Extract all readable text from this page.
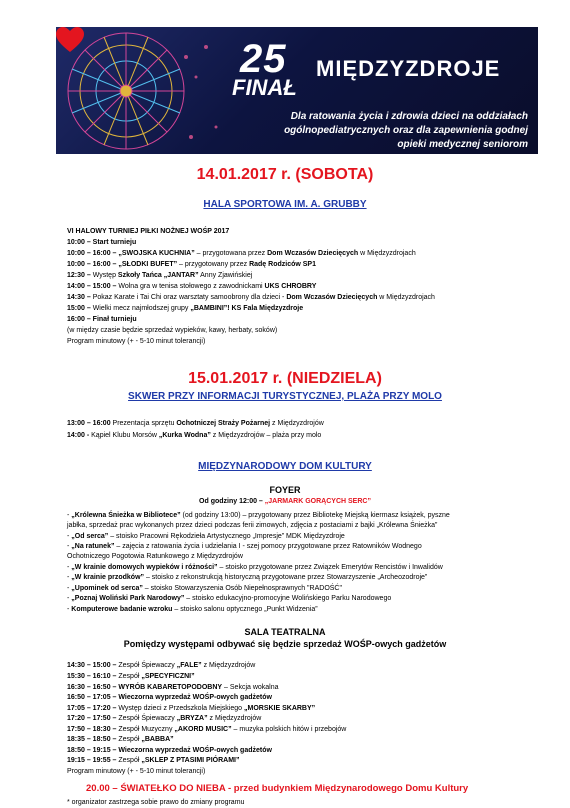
25
FINAŁ
MIĘDZYZDROJE
Dla ratowania życia i zdrowia dzieci na oddziałach
ogólnopediatrycznych oraz dla zapewnienia godnej
opieki medycznej seniorom
14.01.2017 r. (SOBOTA)
HALA SPORTOWA IM. A. GRUBBY
VI HALOWY TURNIEJ PIŁKI NOŻNEJ WOŚP 2017
10:00 – Start turnieju
10:00 – 16:00 – „SWOJSKA KUCHNIA” – przygotowana przez Dom Wczasów Dziecięcych w Międzyzdrojach
10:00 – 16:00 – „SŁODKI BUFET” – przygotowany przez Radę Rodziców SP1
12:30 – Występ Szkoły Tańca „JANTAR” Anny Zjawińskiej
14:00 – 15:00 – Wolna gra w tenisa stołowego z zawodnickami UKS CHROBRY
14:30 – Pokaz Karate i Tai Chi oraz warsztaty samoobrony dla dzieci - Dom Wczasów Dziecięcych w Międzyzdrojach
15:00 – Wielki mecz najmłodszej grupy „BAMBINI”! KS Fala Międzyzdroje
16:00 – Finał turnieju
(w między czasie będzie sprzedaż wypieków, kawy, herbaty, soków)
Program minutowy (+ - 5-10 minut tolerancji)
15.01.2017 r. (NIEDZIELA)
SKWER PRZY INFORMACJI TURYSTYCZNEJ, PLAŻA PRZY MOLO
13:00 – 16:00 Prezentacja sprzętu Ochotniczej Straży Pożarnej z Międzyzdrojów
14:00 - Kąpiel Klubu Morsów „Kurka Wodna” z Międzyzdrojów – plaża przy molo
MIĘDZYNARODOWY DOM KULTURY
FOYER
Od godziny 12:00 – „JARMARK GORĄCYCH SERC”
- „Królewna Śnieżka w Bibliotece” (od godziny 13:00) – przygotowany przez Bibliotekę Miejską kiermasz książek, pyszne
jabłka, sprzedaż prac wykonanych przez dzieci podczas ferii zimowych, zdjęcia z postaciami z bajki „Królewna Śnieżka”
- „Od serca” – stoisko Pracowni Rękodzieła Artystycznego „Impresje” MDK Międzyzdroje
- „Na ratunek” – zajęcia z ratowania życia i udzielania I - szej pomocy przygotowane przez Ratowników Wodnego
Ochotniczego Pogotowia Ratunkowego z Międzyzdrojów
- „W krainie domowych wypieków i różności” – stoisko przygotowane przez Związek Emerytów Rencistów i Inwalidów
- „W krainie przodków” – stoisko z rekonstrukcją historyczną przygotowane przez Stowarzyszenie „Archeozodroje”
- „Upominek od serca” – stoisko Stowarzyszenia Osób Niepełnosprawnych "RADOŚĆ"
- „Poznaj Woliński Park Narodowy” – stoisko edukacyjno-promocyjne Wolińskiego Parku Narodowego
- Komputerowe badanie wzroku – stoisko salonu optycznego „Punkt Widzenia”
SALA TEATRALNA
Pomiędzy występami odbywać się będzie sprzedaż WOŚP-owych gadżetów
14:30 – 15:00 – Zespół Śpiewaczy „FALE” z Międzyzdrojów
15:30 – 16:10 – Zespół „SPECYFICZNI”
16:30 – 16:50 – WYRÓB KABARETOPODOBNY – Sekcja wokalna
16:50 – 17:05 – Wieczorna wyprzedaż WOŚP-owych gadżetów
17:05 – 17:20 – Występ dzieci z Przedszkola Miejskiego „MORSKIE SKARBY”
17:20 – 17:50 – Zespół Śpiewaczy „BRYZA” z Międzyzdrojów
17:50 – 18:30 – Zespół Muzyczny „AKORD MUSIC” – muzyka polskich hitów i przebojów
18:35 – 18:50 – Zespół „BABBA”
18:50 – 19:15 – Wieczorna wyprzedaż WOŚP-owych gadżetów
19:15 – 19:55 – Zespół „SKLEP Z PTASIMI PIÓRAMI”
Program minutowy (+ - 5-10 minut tolerancji)
20.00 – ŚWIATEŁKO DO NIEBA - przed budynkiem Międzynarodowego Domu Kultury
* organizator zastrzega sobie prawo do zmiany programu
